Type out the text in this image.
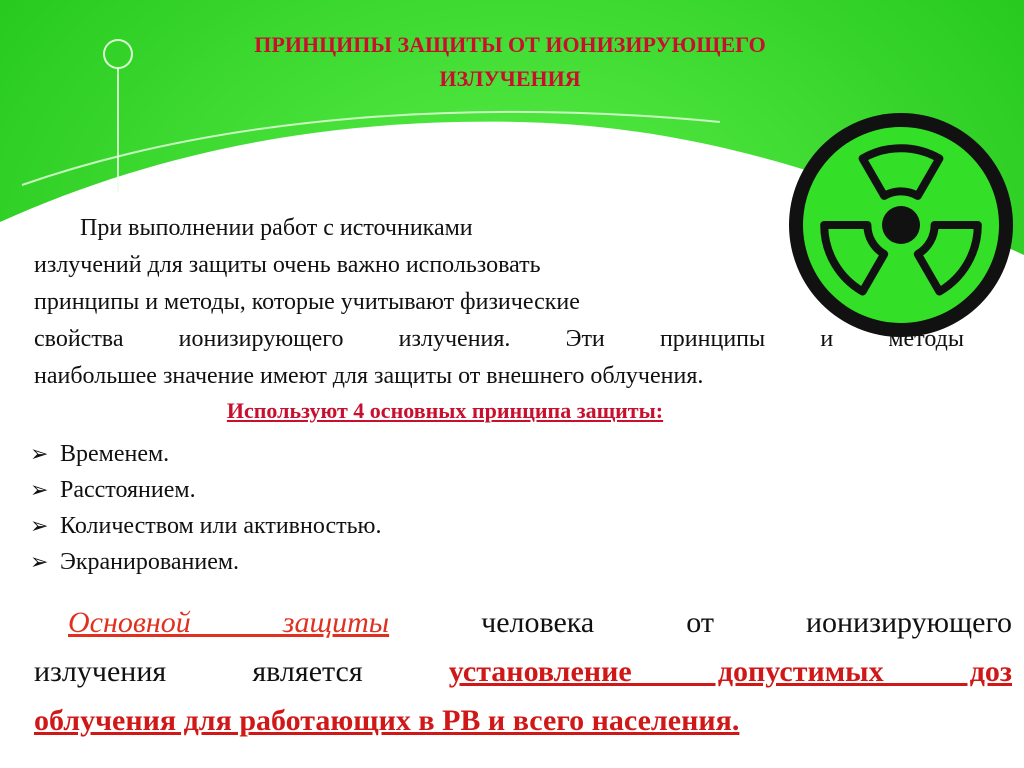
ПРИНЦИПЫ ЗАЩИТЫ ОТ ИОНИЗИРУЮЩЕГО
ИЗЛУЧЕНИЯ
При выполнении работ с источниками
излучений для защиты очень важно использовать
принципы и методы, которые учитывают физические
свойства ионизирующего излучения. Эти принципы и методы
наибольшее значение имеют для защиты от внешнего облучения.
Используют 4 основных принципа защиты:
➢ Временем.
➢ Расстоянием.
➢ Количеством или активностью.
➢ Экранированием.
Основной защиты человека от ионизирующего
излучения является установление допустимых доз
облучения для работающих в РВ и всего населения.
